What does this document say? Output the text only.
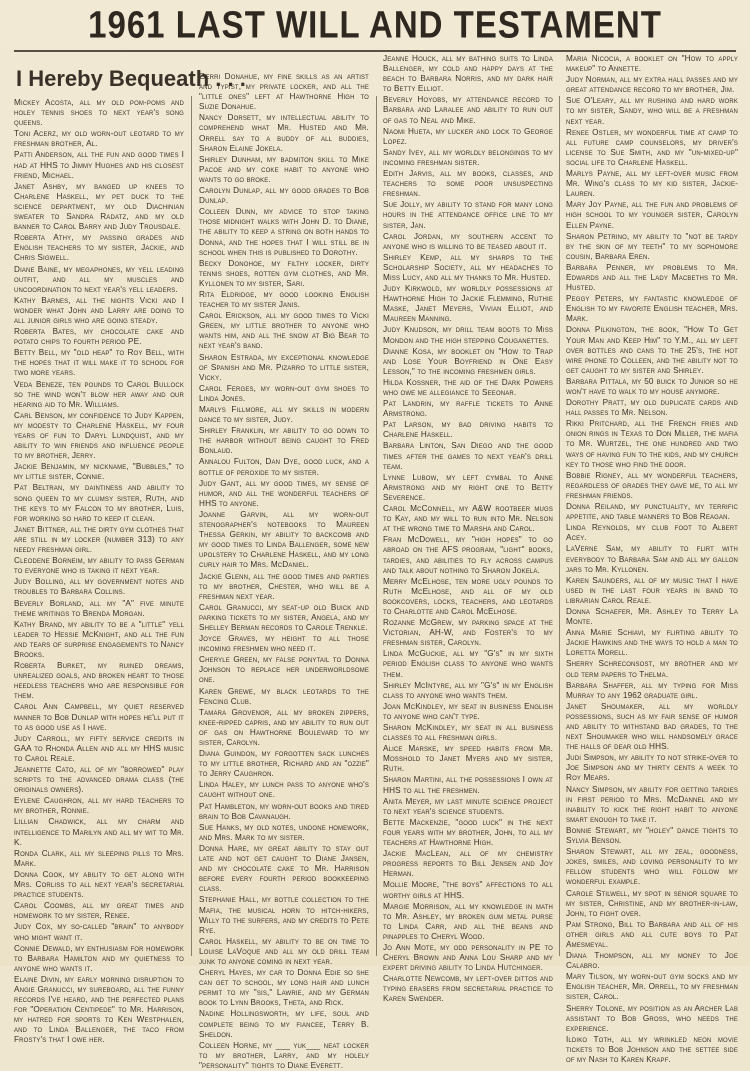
1961 LAST WILL AND TESTAMENT
I Hereby Bequeath . . .

Mickey Acosta, all my old pom-poms and holey tennis shoes to next year's song queens.

Toni Acerz, my old worn-out leotard to my freshman brother, Al.

Patti Anderson, all the fun and good times I had at HHS to Jimmy Hughes and his closest friend, Michael.

Janet Ashby, my banged up knees to Charlene Haskell, my pet duck to the science department, my old Diachinian sweater to Sandra Radatz, and my old banner to Carol Barry and Judy Trousdale.

Roberta Athy, my passing grades and English teachers to my sister, Jackie, and Chris Sigwell.

Diane Baine, my megaphones, my yell leading outfit, and all my muscles and uncoordination to next year's yell leaders.

Kathy Barnes, all the nights Vicki and I wonder what John and Larry are doing to all junior girls who are going steady.

Roberta Bates, my chocolate cake and potato chips to fourth period PE.

Betty Bell, my "old heap" to Roy Bell, with the hopes that it will make it to school for two more years.

Veda Beneze, ten pounds to Carol Bullock so the wind won't blow her away and our hearing aid to Mr. Williams.

Carl Benson, my confidence to Judy Kappen, my modesty to Charlene Haskell, my four years of fun to Daryl Lundquist, and my ability to win friends and influence people to my brother, Jerry.

Jackie Benjamin, my nickname, "Bubbles," to my little sister, Connie.

Pat Beltran, my daintiness and ability to song queen to my clumsy sister, Ruth, and the keys to my Falcon to my brother, Luis, for working so hard to keep it clean.

Janet Bittner, all the dirty gym clothes that are still in my locker (number 313) to any needy freshman girl.

Cleodene Borneim, my ability to pass German to everyone who is taking it next year.

Judy Bolling, all my government notes and troubles to Barbara Collins.

Beverly Borland, all my "A" five minute theme writings to Brenda Morgan.

Kathy Brand, my ability to be a "little" yell leader to Hessie McKnight, and all the fun and tears of surprise engagements to Nancy Brooks.

Roberta Burket, my ruined dreams, unrealized goals, and broken heart to those heedless teachers who are responsible for them.

Carol Ann Campbell, my quiet reserved manner to Bob Dunlap with hopes he'll put it to as good use as I have.

Judy Carroll, my fifty service credits in GAA to Rhonda Allen and all my HHS music to Carol Reale.

Jeannette Cato, all of my "borrowed" play scripts to the advanced drama class (the originals owners).

Eylene Caughron, all my hard teachers to my brother, Ronnie.

Lillian Chadwick, all my charm and intelligence to Marilyn and all my wit to Mr. K.

Ronda Clark, all my sleeping pills to Mrs. Mark.

Donna Cook, my ability to get along with Mrs. Corliss to all next year's secretarial practice students.

Carol Coombs, all my great times and homework to my sister, Renee.

Judy Cox, my so-called "brain" to anybody who might want it.

Connie Dewald, my enthusiasm for homework to Barbara Hamilton and my quietness to anyone who wants it.

Elaine Divin, my early morning disruption to Angie Granucci, my sureboard, all the funny records I've heard, and the perfected plans for "Operation Centipede" to Mr. Harrison, my hatred for sports to Ken Westphalen, and to Linda Ballenger, the taco from Frosty's that I owe her.

Gerri Donahue, my fine skills as an artist and typist, my private locker, and all the "little ones" left at Hawthorne High to Suzie Donahue.

Nancy Dorsett, my intellectual ability to comprehend what Mr. Husted and Mr. Orrell say to a buddy of all buddies, Sharon Elaine Jokela.

Shirley Dunham, my badmiton skill to Mike Pacoe and my coke habit to anyone who wants to go broke.

Carolyn Dunlap, all my good grades to Bob Dunlap.

Colleen Dunn, my advice to stop taking those midnight walks with John D. to Diane, the ability to keep a string on both hands to Donna, and the hopes that I will still be in school when this is published to Dorothy.

Becky Donohoe, my filthy locker, dirty tennis shoes, rotten gym clothes, and Mr. Kyllonen to my sister, Sari.

Rita Eldridge, my good looking English teacher to my sister Janis.

Carol Erickson, all my good times to Vicki Green, my little brother to anyone who wants him, and all the snow at Big Bear to next year's band.

Sharon Estrada, my exceptional knowledge of Spanish and Mr. Pizarro to little sister, Vicky.

Carol Ferges, my worn-out gym shoes to Linda Jones.

Marlys Fillmore, all my skills in modern dance to my sister, Judy.

Shirley Franklin, my ability to go down to the harbor without being caught to Fred Bonlaud.

Annalou Fulton, Dan Dye, good luck, and a bottle of peroxide to my sister.

Judy Gant, all my good times, my sense of humor, and all the wonderful teachers of HHS to anyone.

Joanne Garvin, all my worn-out stenographer's notebooks to Maureen Thessa Gerkin, my ability to backcomb and my good times to Linda Ballenger, some new upolstery to Charlene Haskell, and my long curly hair to Mrs. McDaniel.

Jackie Glenn, all the good times and parties to my brother, Chester, who will be a freshman next year.

Carol Granucci, my seat-up old Buick and parking tickets to my sister, Angela, and my Shelley Berman records to Carole Trenkle.

Joyce Graves, my height to all those incoming freshmen who need it.

Cheryle Green, my false ponytail to Donna Johnson to replace her underworldsome one.

Karen Grewe, my black leotards to the Fencing Club.

Tamara Grovenor, all my broken zippers, knee-ripped capris, and my ability to run out of gas on Hawthorne Boulevard to my sister, Carolyn.

Diana Guindon, my forgotten sack lunches to my little brother, Richard and an "ozzie" to Jerry Caughron.

Linda Haley, my lunch pass to anyone who's caught without one.

Pat Hambleton, my worn-out books and tired brain to Bob Cavanaugh.

Sue Hanks, my old notes, undone homework, and Mrs. Mark to my sister.

Donna Hare, my great ability to stay out late and not get caught to Diane Jansen, and my chocolate cake to Mr. Harrison before every fourth period bookkeeping class.

Stephanie Hall, my bottle collection to the Mafia, the musical horn to hitch-hikers, Willy to the surfers, and my credits to Pete Rye.

Carol Haskell, my ability to be on time to Louise LaVoque and all my old drill team junk to anyone coming in next year.

Cheryl Hayes, my car to Donna Edie so she can get to school, my long hair and lunch permit to my "sis," Lawrie, and my German book to Lynn Brooks, Theta, and Rick.

Nadine Hollingsworth, my life, soul and complete being to my fiancee, Terry B. Sheldon.

Colleen Horne, my ___ yuk___ neat locker to my brother, Larry, and my holely "personality" tights to Diane Everett.

Jeanne Houck, all my bathing suits to Linda Ballenger, my cold and happy days at the beach to Barbara Norris, and my dark hair to Betty Elliot.

Beverly Hoyobs, my attendance record to Barbara and Laralee and ability to run out of gas to Neal and Mike.

Naomi Hueta, my lucker and lock to George Lopez.

Sandy Ivey, all my worldly belongings to my incoming freshman sister.

Edith Jarvis, all my books, classes, and teachers to some poor unsuspecting freshman.

Sue Jolly, my ability to stand for many long hours in the attendance office line to my sister, Jan.

Carol Jordan, my southern accent to anyone who is willing to be teased about it.

Shirley Kemp, all my sharps to the Scholarship Society, all my headaches to Miss Lucy, and all my thanks to Mr. Husted.

Judy Kirkwold, my worldly possessions at Hawthorne High to Jackie Flemming, Ruthie Maske, Janet Meyers, Vivian Elliot, and Maureen Manning.

Judy Knudson, my drill team boots to Miss Mondon and the high stepping Couganettes.

Dianne Kosa, my booklet on "How to Trap and Lose Your Boyfriend in One Easy Lesson," to the incoming freshmen girls.

Hilda Kossner, the aid of the Dark Powers who owe me allegiance to Seeonar.

Pat Landrin, my raffle tickets to Anne Armstrong.

Pat Larson, my bad driving habits to Charlene Haskell.

Barbara Linton, San Diego and the good times after the games to next year's drill team.

Lynne Lubow, my left cymbal to Anne Armstrong and my right one to Betty Severence.

Carol McConnell, my A&W rootbeer mugs to Kay, and my will to run into Mr. Nelson at the wrong time to Marsha and Carol.

Fran McDowell, my "high hopes" to go abroad on the AFS program, "light" books, tardies, and abilities to fly across campus and talk about nothing to Sharon Jokela.

Merry McElhose, ten more ugly pounds to Ruth McElhose, and all of my old bookcovers, locks, teachers, and leotards to Charlotte and Carol McElhose.

Rozanne McGrew, my parking space at the Victorian, AH-W, and Foster's to my freshman sister, Carolyn.

Linda McGuckie, all my "G's" in my sixth period English class to anyone who wants them.

Shirley McIntyre, all my "G's" in my English class to anyone who wants them.

Joan McKindley, my seat in business English to anyone who can't type.

Sharon McKindley, my seat in all business classes to all freshman girls.

Alice Marske, my speed habits from Mr. Mosshold to Janet Myers and my sister, Ruth.

Sharon Martini, all the possessions I own at HHS to all the freshmen.

Anita Meyer, my last minute science project to next year's science students.

Bette Mackenzie, "good luck" in the next four years with my brother, John, to all my teachers at Hawthorne High.

Jackie MacLean, all of my chemistry progress reports to Bill Jensen and Joy Herman.

Mollie Moore, "the boys" affections to all worthy girls at HHS.

Margie Morrison, all my knowledge in math to Mr. Ashley, my broken gum metal purse to Linda Carr, and all the beans and pinapples to Cheryl Wood.

Jo Ann Mote, my odd personality in PE to Cheryl Brown and Anna Lou Sharp and my expert driving ability to Linda Hutchinger.

Charlotte Newcomb, my left-over dittos and typing erasers from secretarial practice to Karen Swender.

Maria Nicocia, a booklet on "How to apply makeup" to Annette.

Judy Norman, all my extra hall passes and my great attendance record to my brother, Jim.

Sue O'Leary, all my rushing and hard work to my sister, Sandy, who will be a freshman next year.

Renee Ostler, my wonderful time at camp to all future camp counselors, my driver's license to Sue Smith, and my "un-mixed-up" social life to Charlene Haskell.

Marlys Payne, all my left-over music from Mr. Wing's class to my kid sister, Jackie-Lauren.

Mary Joy Payne, all the fun and problems of high school to my younger sister, Carolyn Ellen Payne.

Sharon Petrino, my ability to "not be tardy by the skin of my teeth" to my sophomore cousin, Barbara Eren.

Barbara Penner, my problems to Mr. Edwards and all the Lady Macbeths to Mr. Husted.

Peggy Peters, my fantastic knowledge of English to my favorite English teacher, Mrs. Mark.

Donna Pilkington, the book, "How To Get Your Man and Keep Him" to Y.M., all my left over bottles and cans to the 25's, the hot wire phone to Colleen, and the ability not to get caught to my sister and Shirley.

Barbara Pittala, my 50 buick to Junior so he won't have to walk to my house anymore.

Dorothy Pratt, my old duplicate cards and hall passes to Mr. Nelson.

Rikki Pritchard, all the French fries and onion rings in Texas to Don Miller, the mafia to Mr. Wurtzel, the one hundred and two ways of having fun to the kids, and my church key to those who find the door.

Bobbie Rigney, all my wonderful teachers, regardless of grades they gave me, to all my freshman friends.

Donna Reiland, my punctuality, my terrific appetite, and table manners to Bob Reagan.

Linda Reynolds, my club foot to Albert Acey.

LaVerne Sam, my ability to flirt with everybody to Barbara Sam and all my gallon jars to Mr. Kyllonen.

Karen Saunders, all of my music that I have used in the last four years in band to librarian Carol Reale.

Donna Schaefer, Mr. Ashley to Terry La Monte.

Anna Marie Schiavi, my flirting ability to Jackie Hawkins and the ways to hold a man to Loretta Morell.

Sherry Schreconsost, my brother and my old term papers to Thelma.

Barbara Shaffer, all my typing for Miss Murray to any 1962 graduate girl.

Janet Shoumaker, all my worldly possessions, such as my fair sense of humor and ability to withstand bad grades, to the next Shoumaker who will handsomely grace the halls of dear old HHS.

Judi Simpson, my ability to not strike-over to Joe Simpson and my thirty cents a week to Roy Mears.

Nancy Simpson, my ability for getting tardies in first period to Mrs. McDannel and my inability to kick the right habit to anyone smart enough to take it.

Bonnie Stewart, my "holey" dance tights to Sylvia Benson.

Sharon Stewart, all my zeal, goodness, jokes, smiles, and loving personality to my fellow students who will follow my wonderful example.

Carole Stilwell, my spot in senior square to my sister, Christine, and my brother-in-law, John, to fight over.

Pam Strong, Bill to Barbara and all of his other girls and all cute boys to Pat Amesmeyal.

Diana Thompson, all my money to Joe Calabro.

Mary Tilson, my worn-out gym socks and my English teacher, Mr. Orrell, to my freshman sister, Carol.

Sherry Tolone, my position as an Archer Lab assistant to Bob Gross, who needs the experience.

Ildiko Toth, all my wrinkled neon movie tickets to Bob Johnson and the settee side of my Nash to Karen Krapf.
